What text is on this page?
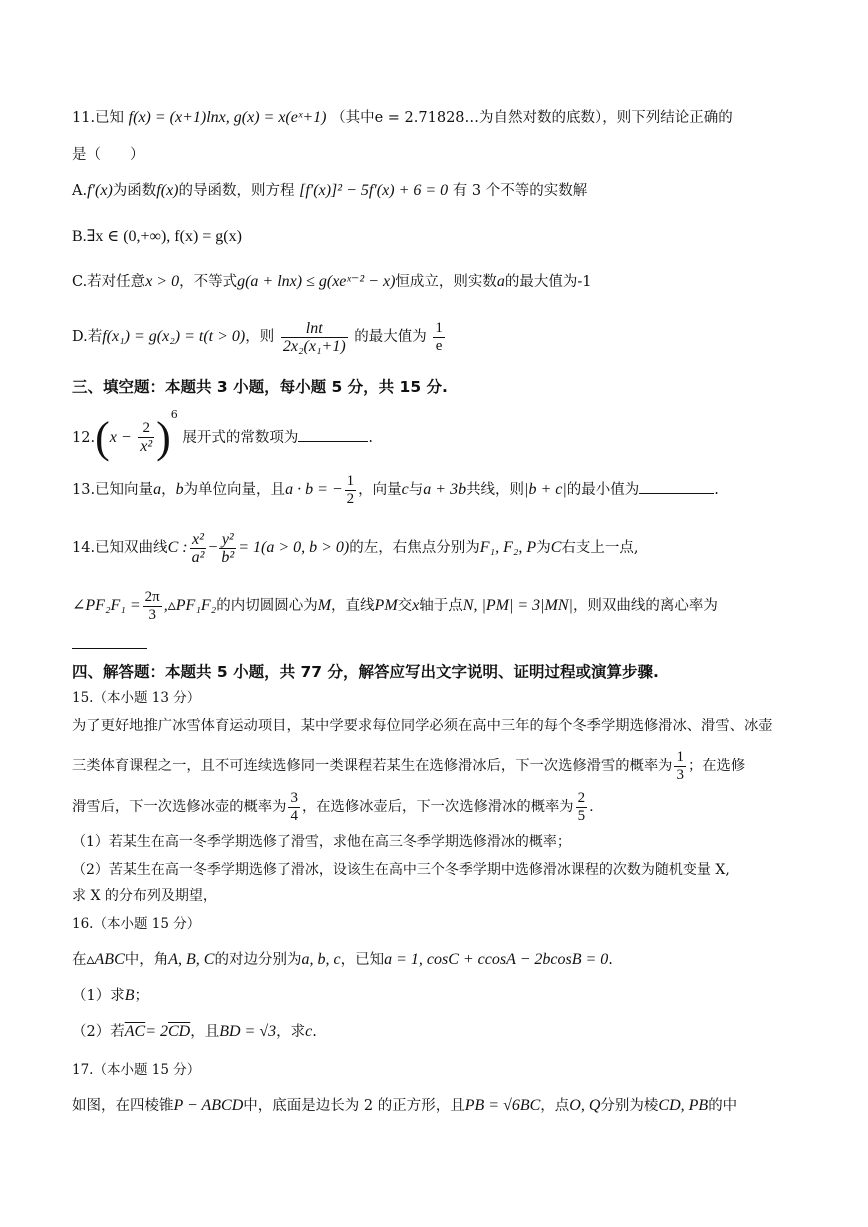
11.已知 f(x) = (x+1)lnx, g(x) = x(eˣ+1) （其中e = 2.71828…为自然对数的底数），则下列结论正确的
是（　　）
A.f′(x)为函数f(x)的导函数，则方程 [f′(x)]² − 5f′(x) + 6 = 0 有 3 个不等的实数解
B.∃x ∈ (0,+∞), f(x) = g(x)
C.若对任意x > 0，不等式g(a + lnx) ≤ g(xeˣ⁻² − x)恒成立，则实数a的最大值为-1
D.若f(x₁) = g(x₂) = t(t > 0)，则 $\frac{\ln t}{\text{2x₂(x₁+1)}}$ 的最大值为 $\frac{1}{e}$
三、填空题：本题共 3 小题，每小题 5 分，共 15 分.
$12.(x - \frac{2}{\text{x²}} )^6$ 展开式的常数项为	.
13.已知向量a，b为单位向量，且a · b = − $\frac{1}{2}$ ，向量c与a + 3b共线，则|b + c|的最小值为	.
14.已知双曲线C : $\frac{\text{x²}}{\text{a²}} - \frac{\text{y²}}{\text{b²}} = 1(a > 0$, b > 0)的左，右焦点分别为F₁, F₂, P为C右支上一点,
∠PF₂F₁ = $\frac{2\pi}{3}$ ,▵PF₁F₂的内切圆圆心为M，直线PM交x轴于点N, |PM| = 3|MN|，则双曲线的离心率为
四、解答题：本题共 5 小题，共 77 分，解答应写出文字说明、证明过程或演算步骤.
15.（本小题 13 分）
为了更好地推广冰雪体育运动项目，某中学要求每位同学必须在高中三年的每个冬季学期选修滑冰、滑雪、冰壶
三类体育课程之一，且不可连续选修同一类课程若某生在选修滑冰后，下一次选修滑雪的概率为 $\frac{1}{3}$ ；在选修
滑雪后，下一次选修冰壶的概率为 $\frac{3}{4}$ ，在选修冰壶后，下一次选修滑冰的概率为 $\frac{2}{5}$ .
（1）若某生在高一冬季学期选修了滑雪，求他在高三冬季学期选修滑冰的概率；
（2）苦某生在高一冬季学期选修了滑冰，设该生在高中三个冬季学期中选修滑冰课程的次数为随机变量 X,
求 X 的分布列及期望，
16.（本小题 15 分）
在▵ABC中，角A, B, C的对边分别为a, b, c，已知a = 1, cosC + ccosA − 2bcosB = 0.
（1）求B；
（2）若$\overline{AC}= 2\overline{CD}$，且BD = √3，求c.
17.（本小题 15 分）
如图，在四棱锥P − ABCD中，底面是边长为 2 的正方形，且PB = √6BC，点O, Q分别为棱CD, PB的中
